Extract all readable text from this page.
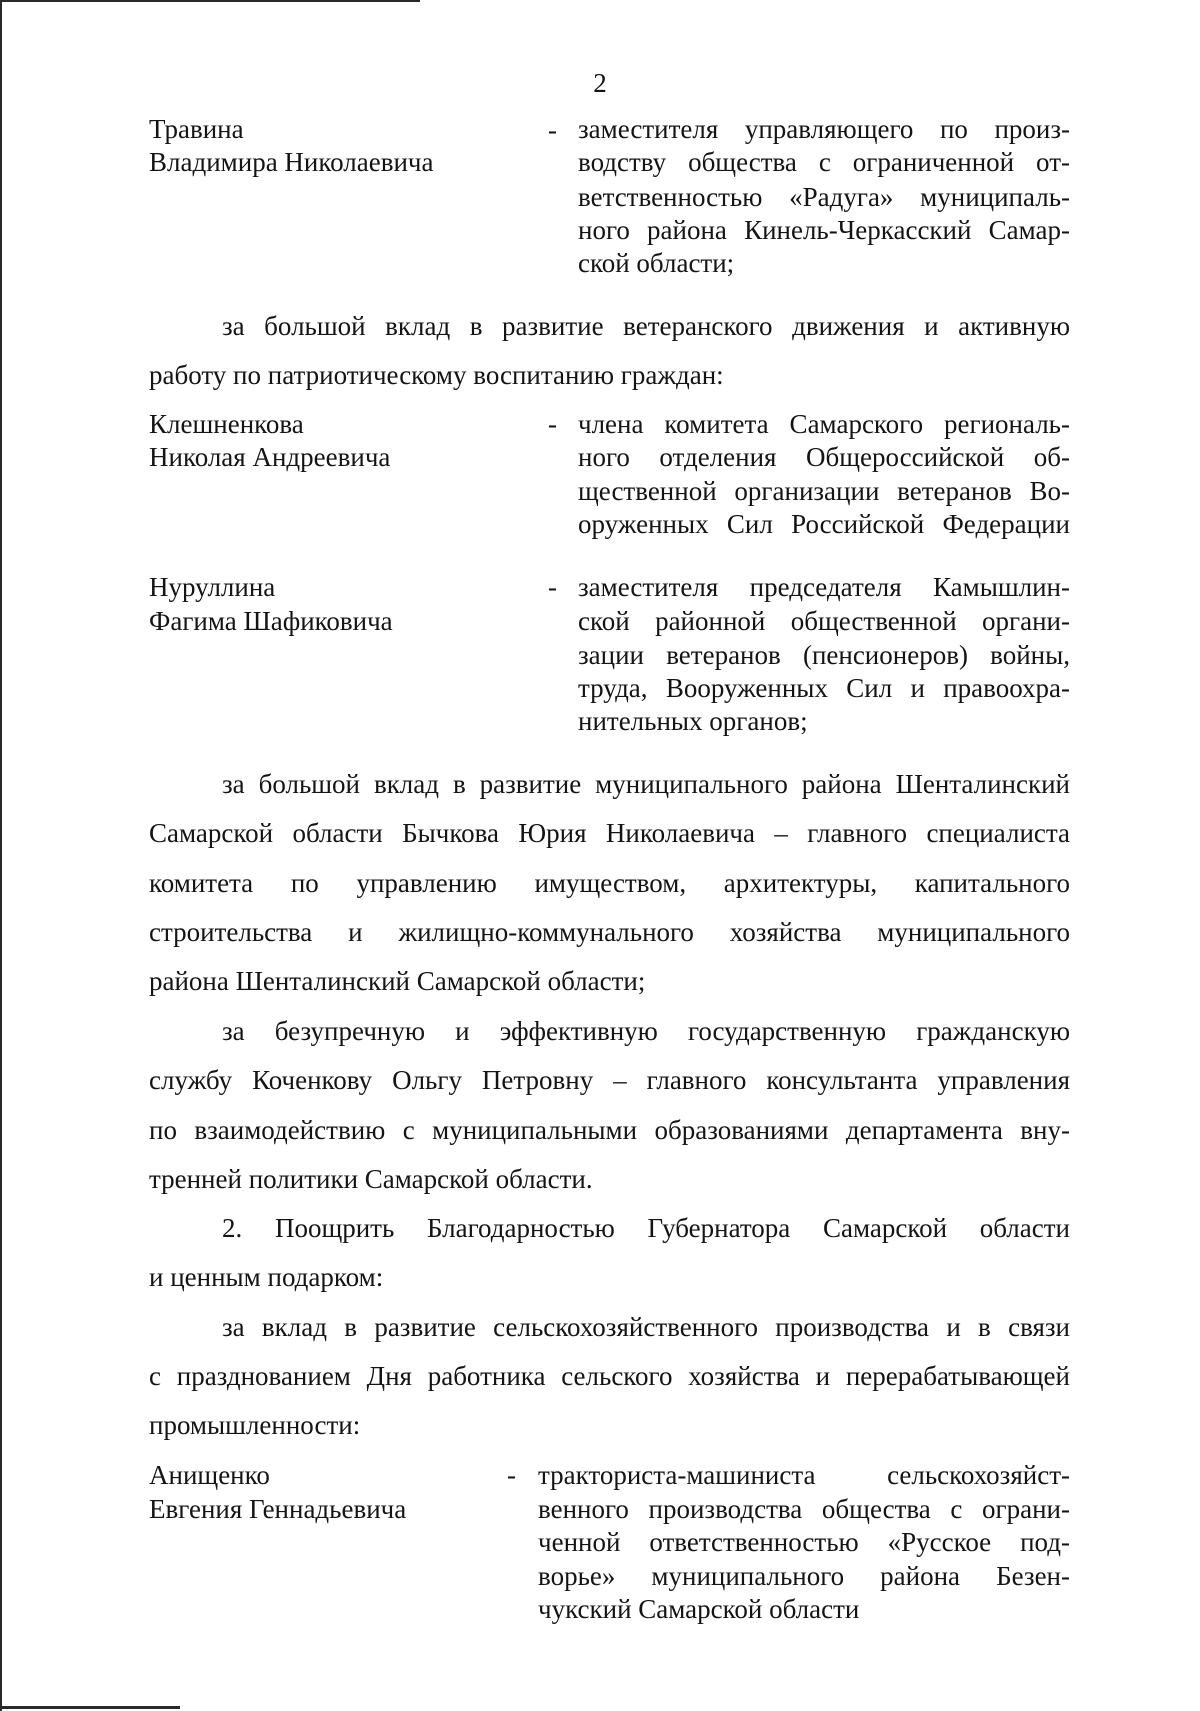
2
Травина
Владимира Николаевича
- заместителя управляющего по произ-
водству общества с ограниченной от-
ветственностью «Радуга» муниципаль-
ного района Кинель-Черкасский Самар-
ской области;
за большой вклад в развитие ветеранского движения и активную
работу по патриотическому воспитанию граждан:
Клешненкова
Николая Андреевича
- члена комитета Самарского региональ-
ного отделения Общероссийской об-
щественной организации ветеранов Во-
оруженных Сил Российской Федерации
Нуруллина
Фагима Шафиковича
- заместителя председателя Камышлин-
ской районной общественной органи-
зации ветеранов (пенсионеров) войны,
труда, Вооруженных Сил и правоохра-
нительных органов;
за большой вклад в развитие муниципального района Шенталинский
Самарской области Бычкова Юрия Николаевича – главного специалиста
комитета по управлению имуществом, архитектуры, капитального
строительства и жилищно-коммунального хозяйства муниципального
района Шенталинский Самарской области;
за безупречную и эффективную государственную гражданскую
службу Коченкову Ольгу Петровну – главного консультанта управления
по взаимодействию с муниципальными образованиями департамента вну-
тренней политики Самарской области.
2. Поощрить Благодарностью Губернатора Самарской области
и ценным подарком:
за вклад в развитие сельскохозяйственного производства и в связи
с празднованием Дня работника сельского хозяйства и перерабатывающей
промышленности:
Анищенко
Евгения Геннадьевича
- тракториста-машиниста сельскохозяйст-
венного производства общества с ограни-
ченной ответственностью «Русское под-
ворье» муниципального района Безен-
чукский Самарской области
